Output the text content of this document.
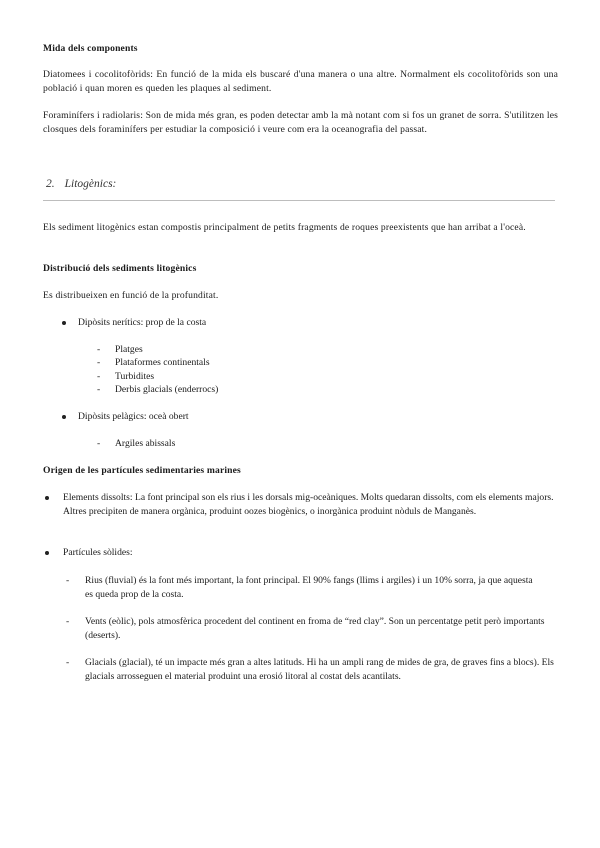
Mida dels components
Diatomees i cocolitofòrids: En funció de la mida els buscaré d'una manera o una altre. Normalment els cocolitofòrids son una població i quan moren es queden les plaques al sediment.
Foraminífers i radiolaris: Son de mida més gran, es poden detectar amb la mà notant com si fos un granet de sorra. S'utilitzen les closques dels foraminífers per estudiar la composició i veure com era la oceanografia del passat.
2. Litogènics:
Els sediment litogènics estan compostis principalment de petits fragments de roques preexistents que han arribat a l'oceà.
Distribució dels sediments litogènics
Es distribueixen en funció de la profunditat.
Dipòsits nerítics: prop de la costa
- Platges
- Plataformes continentals
- Turbidites
- Derbis glacials (enderrocs)
Dipòsits pelàgics: oceà obert
- Argiles abissals
Origen de les partícules sedimentaries marines
Elements dissolts: La font principal son els rius i les dorsals mig-oceàniques. Molts quedaran dissolts, com els elements majors. Altres precipiten de manera orgànica, produint oozes biogènics, o inorgànica produint nòduls de Manganès.
Partícules sòlides:
- Rius (fluvial) és la font més important, la font principal. El 90% fangs (llims i argiles) i un 10% sorra, ja que aquesta es queda prop de la costa.
- Vents (eòlic), pols atmosfèrica procedent del continent en froma de “red clay”. Son un percentatge petit però importants (deserts).
- Glacials (glacial), té un impacte més gran a altes latituds. Hi ha un ampli rang de mides de gra, de graves fins a blocs). Els glacials arrosseguen el material produint una erosió litoral al costat dels acantilats.
